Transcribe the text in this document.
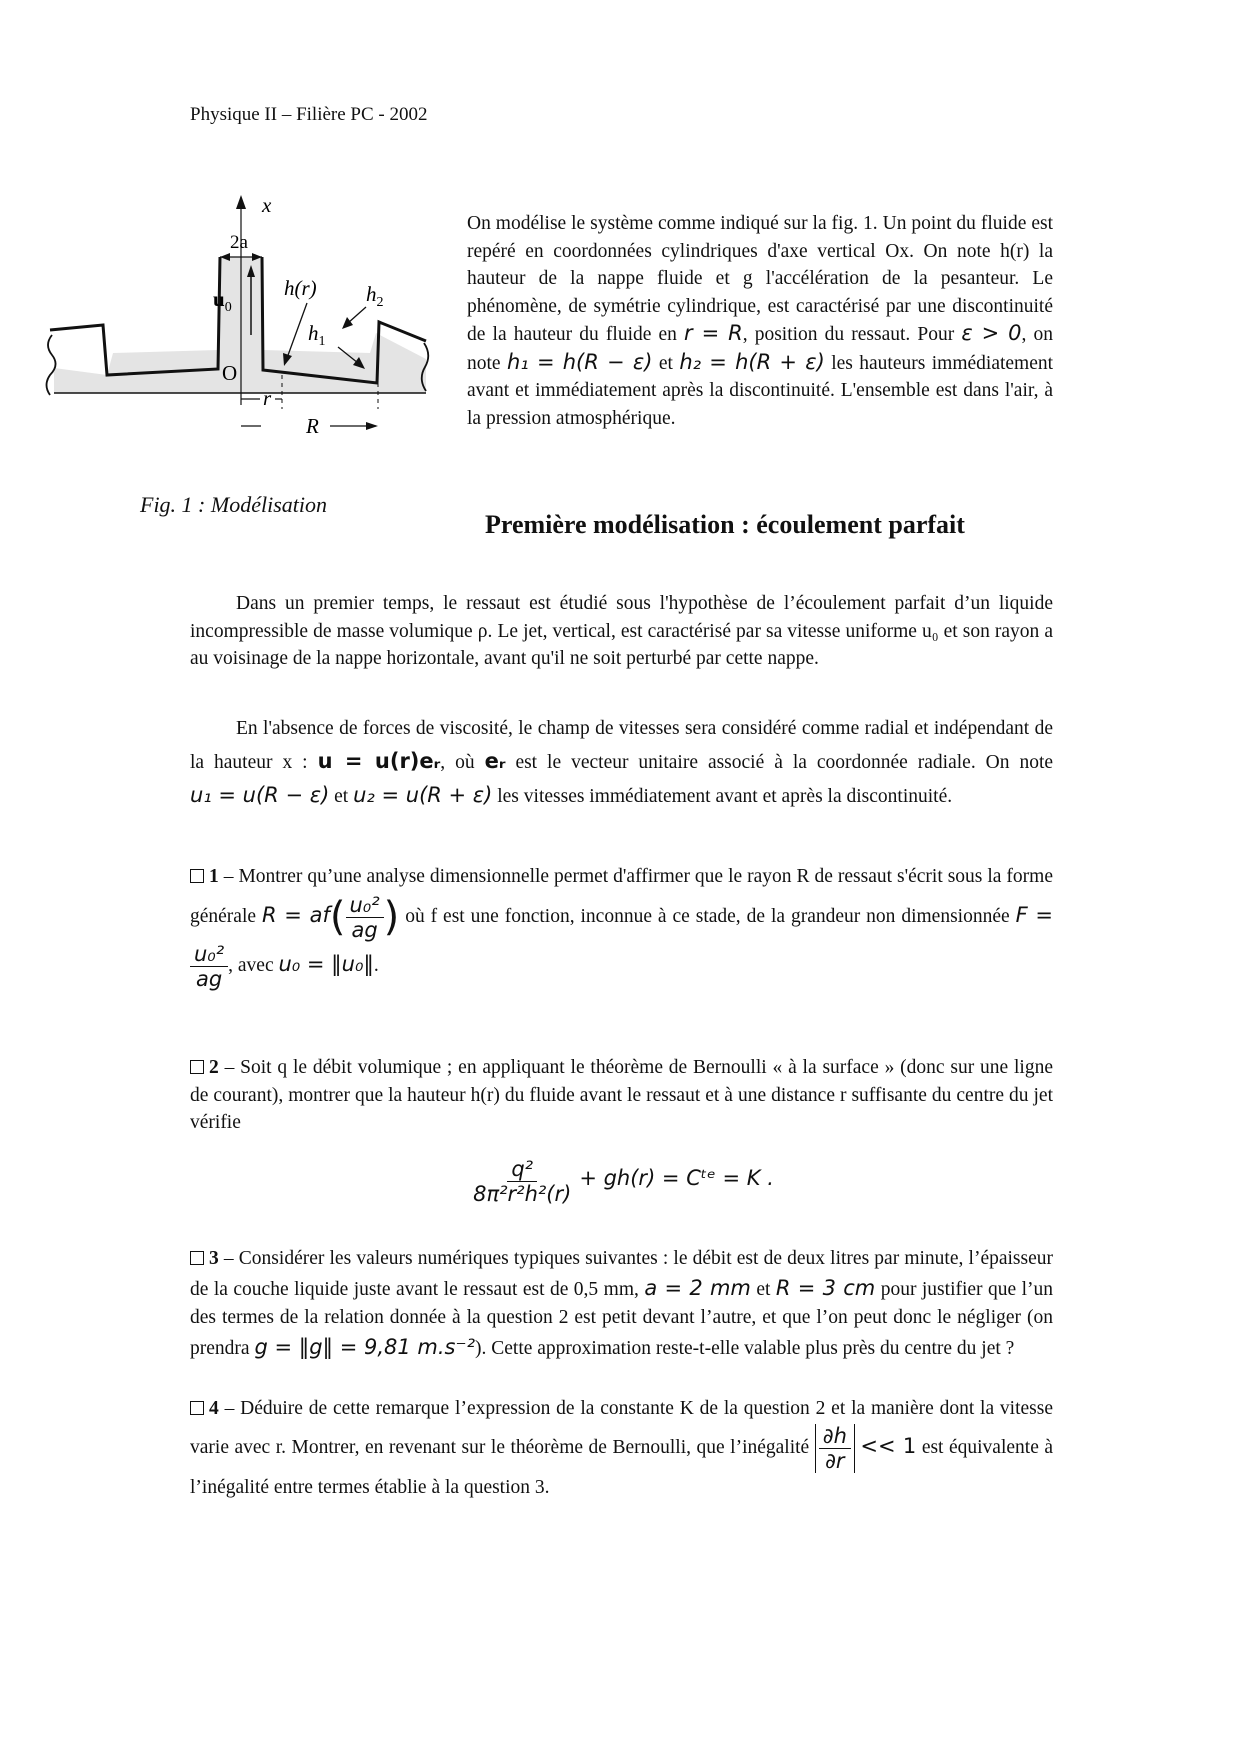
Physique II – Filière PC - 2002
x
2a
$u_0$
h(r) $h_2$
$h_1$
O
r
R
Fig. 1 : Modélisation

On modélise le système comme indiqué sur la fig. 1. Un point du fluide est repéré en coordonnées cylindriques d'axe vertical Ox. On note h(r) la hauteur de la nappe fluide et g l'accélération de la pesanteur. Le phénomène, de symétrie cylindrique, est caractérisé par une discontinuité de la hauteur du fluide en r = R, position du ressaut. Pour ε > 0, on note h₁ = h(R − ε) et h₂ = h(R + ε) les hauteurs immédiatement avant et immédiatement après la discontinuité. L'ensemble est dans l'air, à la pression atmosphérique.

Première modélisation : écoulement parfait
Dans un premier temps, le ressaut est étudié sous l'hypothèse de l’écoulement parfait d’un liquide incompressible de masse volumique ρ. Le jet, vertical, est caractérisé par sa vitesse uniforme u₀ et son rayon a au voisinage de la nappe horizontale, avant qu'il ne soit perturbé par cette nappe.
En l'absence de forces de viscosité, le champ de vitesses sera considéré comme radial et indépendant de la hauteur x : u = u(r)eᵣ, où eᵣ est le vecteur unitaire associé à la coordonnée radiale. On note u₁ = u(R − ε) et u₂ = u(R + ε) les vitesses immédiatement avant et après la discontinuité.
1 – Montrer qu’une analyse dimensionnelle permet d'affirmer que le rayon R de ressaut s'écrit sous la forme générale $R = af( \frac{\text{u₀²}}{ag}$ ) où f est une fonction, inconnue à ce stade, de la grandeur non dimensionnée F =
$\frac{\text{u₀²}}{ag}$ , avec u₀ = ‖u₀‖.
2 – Soit q le débit volumique ; en appliquant le théorème de Bernoulli « à la surface » (donc sur une ligne de courant), montrer que la hauteur h(r) du fluide avant le ressaut et à une distance r suffisante du centre du jet vérifie
$\frac{\text{q²}}{\text{8π²r²h²(r)}} + gh(r)$ = Cᵗᵉ = K .
3 – Considérer les valeurs numériques typiques suivantes : le débit est de deux litres par minute, l’épaisseur de la couche liquide juste avant le ressaut est de 0,5 mm, a = 2 mm et R = 3 cm pour justifier que l’un des termes de la relation donnée à la question 2 est petit devant l’autre, et que l’on peut donc le négliger (on prendra g = ‖g‖ = 9,81 m.s⁻²). Cette approximation reste-t-elle valable plus près du centre du jet ?
4 – Déduire de cette remarque l’expression de la constante K de la question 2 et la manière dont la vitesse varie avec r. Montrer, en revenant sur le théorème de Bernoulli, que l’inégalité $\frac{\partial h}{\partial r} << 1$ est équivalente à l’inégalité entre termes établie à la question 3.
